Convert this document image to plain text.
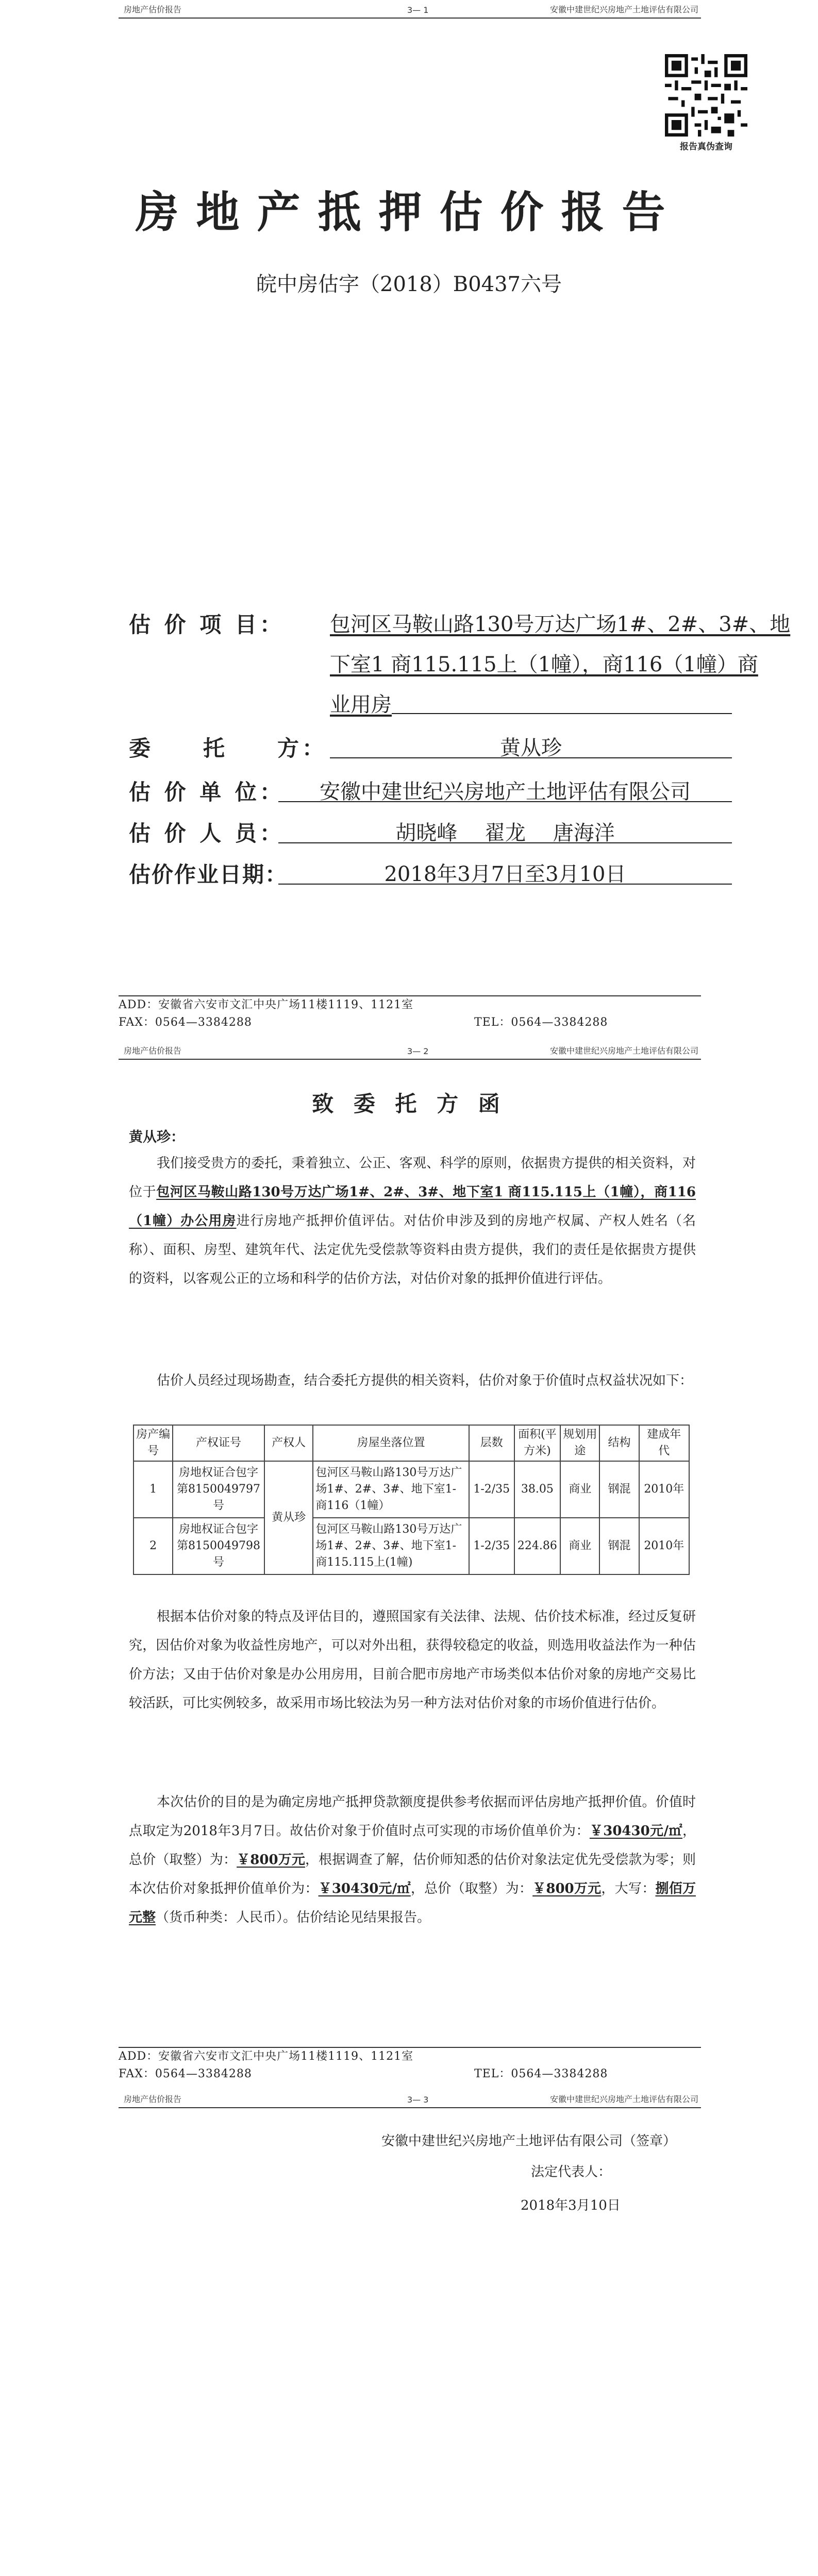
房地产估价报告	3— 1	安徽中建世纪兴房地产土地评估有限公司
报告真伪查询
房地产抵押估价报告
皖中房估字（2018）B0437六号
估 价 项 目： 包河区马鞍山路130号万达广场1#、2#、3#、地
下室1 商115.115上（1幢），商116（1幢）商
业用房
委　　托　　方：	黄从珍
估 价 单 位：	安徽中建世纪兴房地产土地评估有限公司
估 价 人 员：	胡晓峰　 翟龙　 唐海洋
估价作业日期：	2018年3月7日至3月10日
ADD：安徽省六安市文汇中央广场11楼1119、1121室
FAX：0564—3384288	TEL：0564—3384288
房地产估价报告	3— 2	安徽中建世纪兴房地产土地评估有限公司
致 委 托 方 函
黄从珍：
我们接受贵方的委托，秉着独立、公正、客观、科学的原则，依据贵方提供的相关资料，对位于包河区马鞍山路130号万达广场1#、2#、3#、地下室1 商115.115上（1幢），商116（1幢）办公用房进行房地产抵押价值评估。对估价申涉及到的房地产权属、产权人姓名（名称）、面积、房型、建筑年代、法定优先受偿款等资料由贵方提供，我们的责任是依据贵方提供的资料，以客观公正的立场和科学的估价方法，对估价对象的抵押价值进行评估。
估价人员经过现场勘查，结合委托方提供的相关资料，估价对象于价值时点权益状况如下：
房产编号	产权证号	产权人	房屋坐落位置	层数	面积(平方米)	规划用途	结构	建成年代
1	房地权证合包字第8150049797号	黄从珍	包河区马鞍山路130号万达广场1#、2#、3#、地下室1-商116（1幢）	1-2/35	38.05	商业	钢混	2010年
2	房地权证合包字第8150049798号		包河区马鞍山路130号万达广场1#、2#、3#、地下室1-商115.115上(1幢)	1-2/35	224.86	商业	钢混	2010年
根据本估价对象的特点及评估目的，遵照国家有关法律、法规、估价技术标准，经过反复研究，因估价对象为收益性房地产，可以对外出租，获得较稳定的收益，则选用收益法作为一种估价方法；又由于估价对象是办公用房用，目前合肥市房地产市场类似本估价对象的房地产交易比较活跃，可比实例较多，故采用市场比较法为另一种方法对估价对象的市场价值进行估价。
本次估价的目的是为确定房地产抵押贷款额度提供参考依据而评估房地产抵押价值。价值时点取定为2018年3月7日。故估价对象于价值时点可实现的市场价值单价为：￥30430元/㎡，总价（取整）为：￥800万元，根据调查了解，估价师知悉的估价对象法定优先受偿款为零；则本次估价对象抵押价值单价为：￥30430元/㎡，总价（取整）为：￥800万元，大写：捌佰万元整（货币种类：人民币）。估价结论见结果报告。
ADD：安徽省六安市文汇中央广场11楼1119、1121室
FAX：0564—3384288	TEL：0564—3384288
房地产估价报告	3— 3	安徽中建世纪兴房地产土地评估有限公司
安徽中建世纪兴房地产土地评估有限公司（签章）
法定代表人：
2018年3月10日
